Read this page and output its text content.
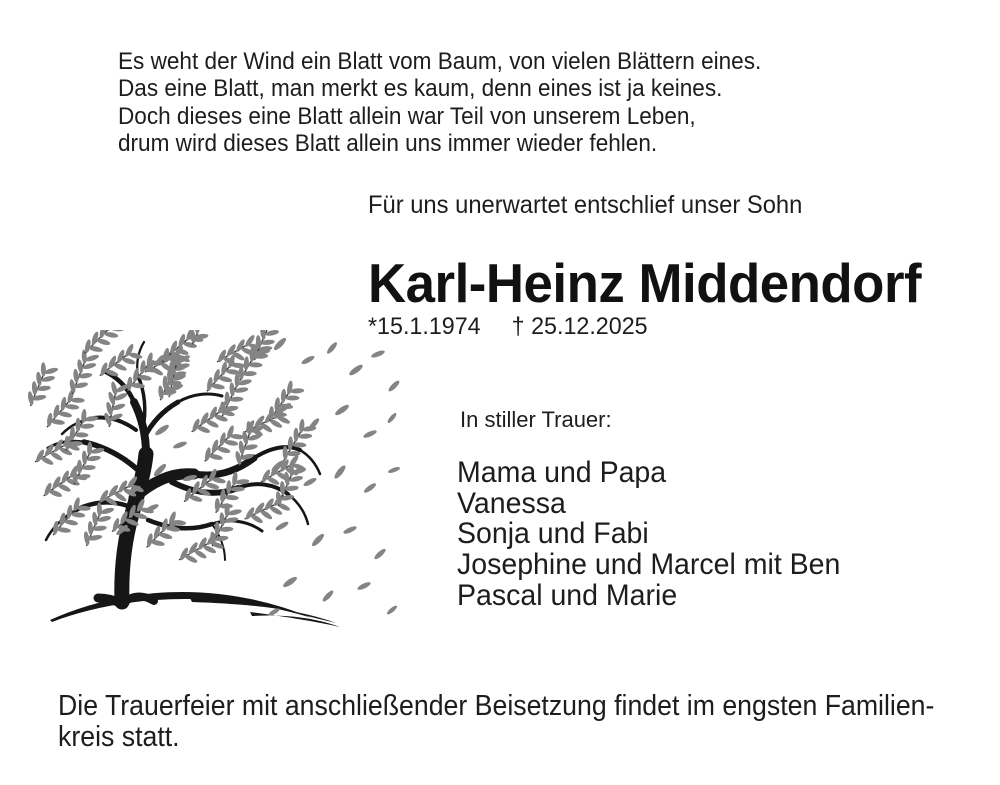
Es weht der Wind ein Blatt vom Baum, von vielen Blättern eines.
Das eine Blatt, man merkt es kaum, denn eines ist ja keines.
Doch dieses eine Blatt allein war Teil von unserem Leben,
drum wird dieses Blatt allein uns immer wieder fehlen.
Für uns unerwartet entschlief unser Sohn
Karl-Heinz Middendorf
*15.1.1974 † 25.12.2025
In stiller Trauer:
Mama und Papa
Vanessa
Sonja und Fabi
Josephine und Marcel mit Ben
Pascal und Marie
Die Trauerfeier mit anschließender Beisetzung findet im engsten Familien-
kreis statt.
